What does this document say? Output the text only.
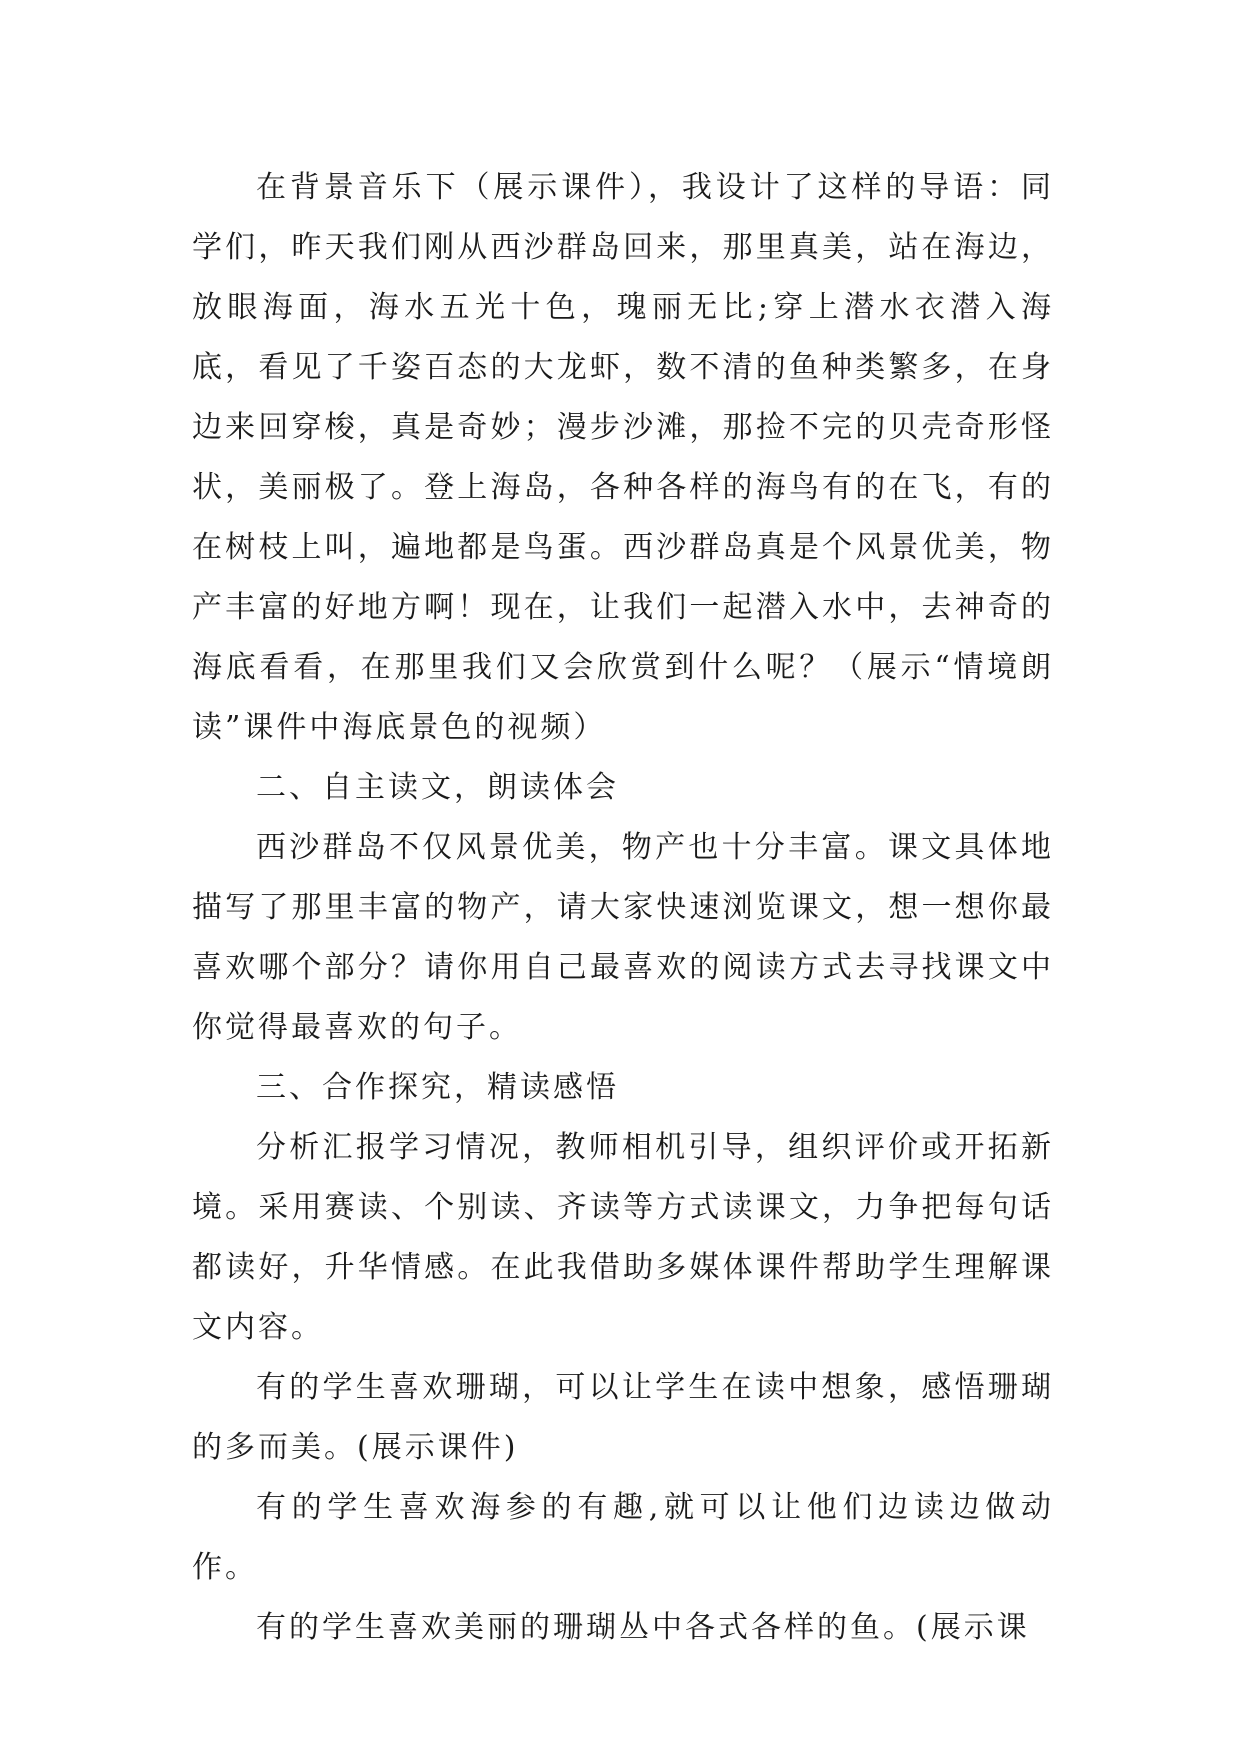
在背景音乐下（展示课件），我设计了这样的导语：同学们，昨天我们刚从西沙群岛回来，那里真美，站在海边，放眼海面，海水五光十色，瑰丽无比;穿上潜水衣潜入海底，看见了千姿百态的大龙虾，数不清的鱼种类繁多，在身边来回穿梭，真是奇妙；漫步沙滩，那捡不完的贝壳奇形怪状，美丽极了。登上海岛，各种各样的海鸟有的在飞，有的在树枝上叫，遍地都是鸟蛋。西沙群岛真是个风景优美，物产丰富的好地方啊！现在，让我们一起潜入水中，去神奇的海底看看，在那里我们又会欣赏到什么呢？（展示“情境朗读”课件中海底景色的视频）

二、自主读文，朗读体会

西沙群岛不仅风景优美，物产也十分丰富。课文具体地描写了那里丰富的物产，请大家快速浏览课文，想一想你最喜欢哪个部分？请你用自己最喜欢的阅读方式去寻找课文中你觉得最喜欢的句子。

三、合作探究，精读感悟

分析汇报学习情况，教师相机引导，组织评价或开拓新境。采用赛读、个别读、齐读等方式读课文，力争把每句话都读好，升华情感。在此我借助多媒体课件帮助学生理解课文内容。

有的学生喜欢珊瑚，可以让学生在读中想象，感悟珊瑚的多而美。(展示课件)

有的学生喜欢海参的有趣,就可以让他们边读边做动作。

有的学生喜欢美丽的珊瑚丛中各式各样的鱼。(展示课
